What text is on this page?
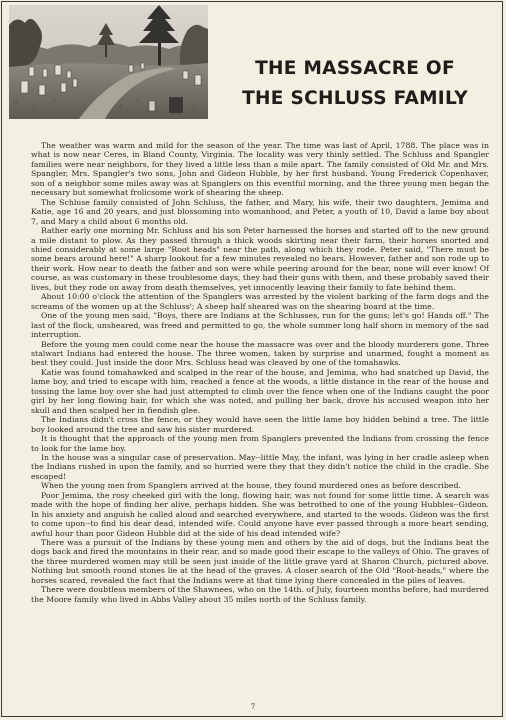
THE MASSACRE OF
THE SCHLUSS FAMILY

The weather was warm and mild for the season of the year. The time was last of April, 1788. The place was in what is now near Ceres, in Bland County, Virginia. The locality was very thinly settled. The Schluss and Spangler families were near neighbors, for they lived a little less than a mile apart. The family consisted of Old Mr. and Mrs. Spangler, Mrs. Spangler's two sons, John and Gideon Hubble, by her first husband. Young Frederick Copenhaver, son of a neighbor some miles away was at Spanglers on this eventful morning, and the three young men began the necessary but somewhat frolicsome work of shearing the sheep.

The Schluse family consisted of John Schluss, the father, and Mary, his wife, their two daughters, Jemima and Katie, age 16 and 20 years, and just blossoming into womanhood, and Peter, a youth of 10, David a lame boy about 7, and Mary a child about 6 months old.

Rather early one morning Mr. Schluss and his son Peter harnessed the horses and started off to the new ground a mile distant to plow. As they passed through a thick woods skirting near their farm, their horses snorted and shied considerably at some large "Root heads" near the path, along which they rode. Peter said, "There must be some bears around here!" A sharp lookout for a few minutes revealed no bears. However, father and son rode up to their work. How near to death the father and son were while peering around for the bear, none will ever know! Of course, as was customary in these troublesome days, they had their guns with them, and these probably saved their lives, but they rode on away from death themselves, yet innocently leaving their family to fate behind them.

About 10:00 o'clock the attention of the Spanglers was arrested by the violent barking of the farm dogs and the screams of the women up at the Schluss'; A sheep half sheared was on the shearing board at the time.

One of the young men said, "Boys, there are Indians at the Schlusses, run for the guns; let's go! Hands off." The last of the flock, unsheared, was freed and permitted to go, the whole summer long half shorn in memory of the sad interruption.

Before the young men could come near the house the massacre was over and the bloody murderers gone. Three stalwart Indians had entered the house. The three women, taken by surprise and unarmed, fought a moment as best they could. Just inside the door Mrs. Schluss head was cleaved by one of the tomahawks.

Katie was found tomahawked and scalped in the rear of the house, and Jemima, who had snatched up David, the lame boy, and tried to escape with him, reached a fence at the woods, a little distance in the rear of the house and tossing the lame boy over she had just attempted to climb over the fence when one of the Indians caught the poor girl by her long flowing hair, for which she was noted, and pulling her back, drove his accused weapon into her skull and then scalped her in fiendish glee.

The Indians didn't cross the fence, or they would have seen the little lame boy hidden behind a tree. The little boy looked around the tree and saw his sister murdered.

It is thought that the approach of the young men from Spanglers prevented the Indians from crossing the fence to look for the lame boy.

In the house was a singular case of preservation. May--little May, the infant, was lying in her cradle asleep when the Indians rushed in upon the family, and so hurried were they that they didn't notice the child in the cradle. She escaped!

When the young men from Spanglers arrived at the house, they found murdered ones as before described.

Poor Jemima, the rosy cheeked girl with the long, flowing hair, was not found for some little time. A search was made with the hope of finding her alive, perhaps hidden. She was betrothed to one of the young Hubbles--Gideon. In his anxiety and anguish he called aloud and searched everywhere, and started to the woods. Gideon was the first to come upon--to find his dear dead, intended wife. Could anyone have ever passed through a more heart sending, awful hour than poor Gideon Hubble did at the side of his dead intended wife?

There was a pursuit of the Indians by these young men and others by the aid of dogs, but the Indians beat the dogs back and fired the mountains in their rear, and so made good their escape to the valleys of Ohio. The graves of the three murdered women may still be seen just inside of the little grave yard at Sharon Church, pictured above. Nothing but smooth round stones lie at the head of the graves. A closer search of the Old "Root-heads," where the horses scared, revealed the fact that the Indians were at that time lying there concealed in the piles of leaves.

There were doubtless members of the Shawnees, who on the 14th. of July, fourteen months before, had murdered the Moore family who lived in Abbs Valley about 35 miles north of the Schluss family.

7
